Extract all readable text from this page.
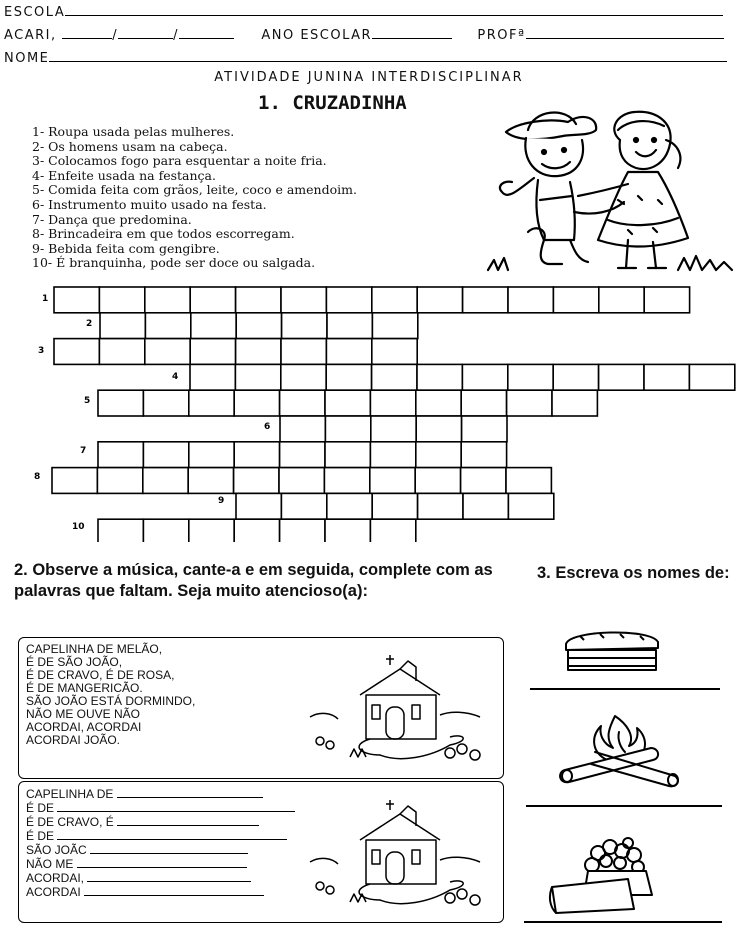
ESCOLA
ACARI,	/	/	ANO ESCOLAR	PROFª
NOME
ATIVIDADE JUNINA INTERDISCIPLINAR
1. CRUZADINHA
1- Roupa usada pelas mulheres.
2- Os homens usam na cabeça.
3- Colocamos fogo para esquentar a noite fria.
4- Enfeite usada na festança.
5- Comida feita com grãos, leite, coco e amendoim.
6- Instrumento muito usado na festa.
7- Dança que predomina.
8- Brincadeira em que todos escorregam.
9- Bebida feita com gengibre.
10- É branquinha, pode ser doce ou salgada.
1
2
3
4
5
6
7
8
9
10
2. Observe a música, cante-a e em seguida, complete com as palavras que faltam. Seja muito atencioso(a):
CAPELINHA DE MELÃO,
É DE SÃO JOÃO,
É DE CRAVO, É DE ROSA,
É DE MANGERICÃO.
SÃO JOÃO ESTÁ DORMINDO,
NÃO ME OUVE NÃO
ACORDAI, ACORDAI
ACORDAI JOÃO.
CAPELINHA DE
É DE
É DE CRAVO, É
É DE
SÃO JOÃC
NÃO ME
ACORDAI,
ACORDAI
3. Escreva os nomes de:
